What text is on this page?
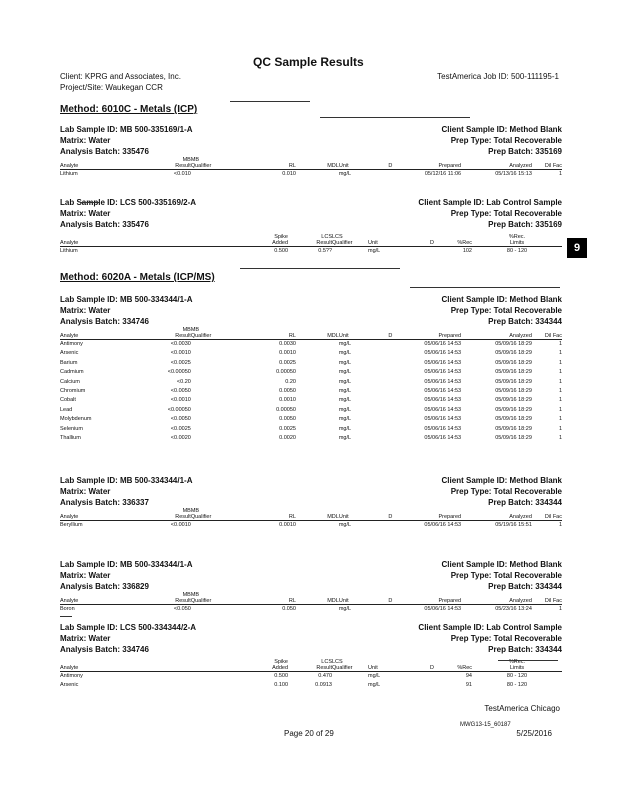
QC Sample Results
Client: KPRG and Associates, Inc.
Project/Site: Waukegan CCR
TestAmerica Job ID: 500-111195-1
9
Method: 6010C - Metals (ICP)
Method: 6020A - Metals (ICP/MS)
Lab Sample ID: MB 500-335169/1-A
Matrix: Water
Analysis Batch: 335476
Client Sample ID: Method Blank
Prep Type: Total Recoverable
Prep Batch: 335169
	MB	MB							
Analyte	Result	Qualifier	RL	MDL	Unit	D	Prepared	Analyzed	Dil Fac
Lithium	<0.010		0.010		mg/L		05/12/16 11:06	05/13/16 15:13	1
Lab Sample ID: LCS 500-335169/2-A
Matrix: Water
Analysis Batch: 335476
Client Sample ID: Lab Control Sample
Prep Type: Total Recoverable
Prep Batch: 335169
	Spike	LCS	LCS				%Rec.
Analyte	Added	Result	Qualifier	Unit	D	%Rec	Limits
Lithium	0.500	0.5??		mg/L		102	80 - 120
Lab Sample ID: MB 500-334344/1-A
Matrix: Water
Analysis Batch: 334746
Client Sample ID: Method Blank
Prep Type: Total Recoverable
Prep Batch: 334344
	MB	MB							
Analyte	Result	Qualifier	RL	MDL	Unit	D	Prepared	Analyzed	Dil Fac
Antimony	<0.0030		0.0030		mg/L		05/06/16 14:53	05/09/16 18:29	1
Arsenic	<0.0010		0.0010		mg/L		05/06/16 14:53	05/09/16 18:29	1
Barium	<0.0025		0.0025		mg/L		05/06/16 14:53	05/09/16 18:29	1
Cadmium	<0.00050		0.00050		mg/L		05/06/16 14:53	05/09/16 18:29	1
Calcium	<0.20		0.20		mg/L		05/06/16 14:53	05/09/16 18:29	1
Chromium	<0.0050		0.0050		mg/L		05/06/16 14:53	05/09/16 18:29	1
Cobalt	<0.0010		0.0010		mg/L		05/06/16 14:53	05/09/16 18:29	1
Lead	<0.00050		0.00050		mg/L		05/06/16 14:53	05/09/16 18:29	1
Molybdenum	<0.0050		0.0050		mg/L		05/06/16 14:53	05/09/16 18:29	1
Selenium	<0.0025		0.0025		mg/L		05/06/16 14:53	05/09/16 18:29	1
Thallium	<0.0020		0.0020		mg/L		05/06/16 14:53	05/09/16 18:29	1
Lab Sample ID: MB 500-334344/1-A
Matrix: Water
Analysis Batch: 336337
Client Sample ID: Method Blank
Prep Type: Total Recoverable
Prep Batch: 334344
	MB	MB							
Analyte	Result	Qualifier	RL	MDL	Unit	D	Prepared	Analyzed	Dil Fac
Beryllium	<0.0010		0.0010		mg/L		05/06/16 14:53	05/19/16 15:51	1
Lab Sample ID: MB 500-334344/1-A
Matrix: Water
Analysis Batch: 336829
Client Sample ID: Method Blank
Prep Type: Total Recoverable
Prep Batch: 334344
	MB	MB							
Analyte	Result	Qualifier	RL	MDL	Unit	D	Prepared	Analyzed	Dil Fac
Boron	<0.050		0.050		mg/L		05/06/16 14:53	05/23/16 13:24	1
Lab Sample ID: LCS 500-334344/2-A
Matrix: Water
Analysis Batch: 334746
Client Sample ID: Lab Control Sample
Prep Type: Total Recoverable
Prep Batch: 334344
	Spike	LCS	LCS				%Rec.
Analyte	Added	Result	Qualifier	Unit	D	%Rec	Limits
Antimony	0.500	0.470		mg/L		94	80 - 120
Arsenic	0.100	0.0913		mg/L		91	80 - 120
TestAmerica Chicago
MWG13-15_60187
Page 20 of 29	5/25/2016
